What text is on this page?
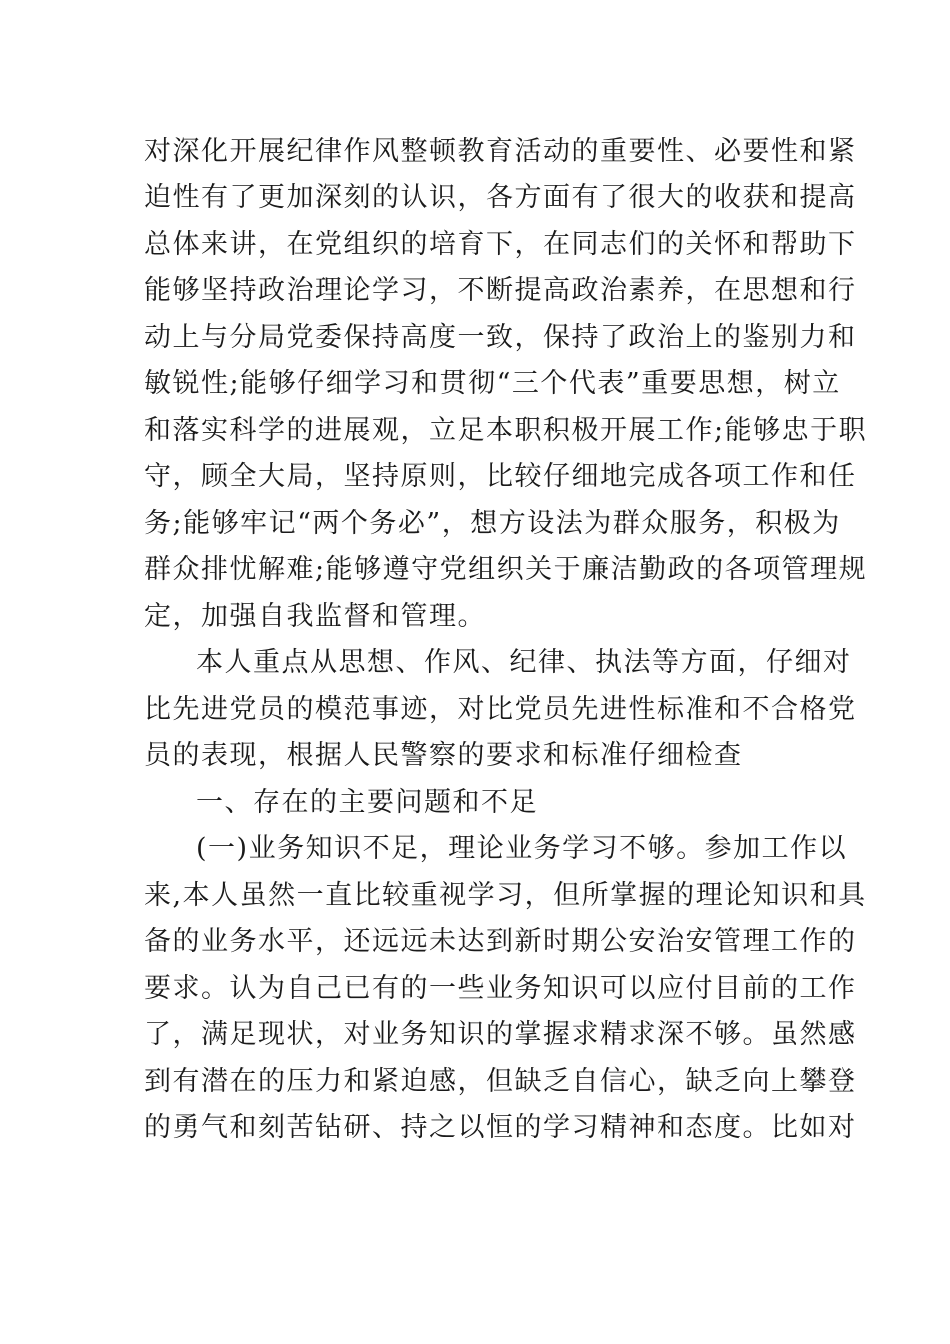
对深化开展纪律作风整顿教育活动的重要性、必要性和紧
迫性有了更加深刻的认识，各方面有了很大的收获和提高
总体来讲，在党组织的培育下，在同志们的关怀和帮助下
能够坚持政治理论学习，不断提高政治素养，在思想和行
动上与分局党委保持高度一致，保持了政治上的鉴别力和
敏锐性;能够仔细学习和贯彻“三个代表”重要思想，树立
和落实科学的进展观，立足本职积极开展工作;能够忠于职
守，顾全大局，坚持原则，比较仔细地完成各项工作和任
务;能够牢记“两个务必”，想方设法为群众服务，积极为
群众排忧解难;能够遵守党组织关于廉洁勤政的各项管理规
定，加强自我监督和管理。
本人重点从思想、作风、纪律、执法等方面，仔细对
比先进党员的模范事迹，对比党员先进性标准和不合格党
员的表现，根据人民警察的要求和标准仔细检查
一、存在的主要问题和不足
(一)业务知识不足，理论业务学习不够。参加工作以
来,本人虽然一直比较重视学习，但所掌握的理论知识和具
备的业务水平，还远远未达到新时期公安治安管理工作的
要求。认为自己已有的一些业务知识可以应付目前的工作
了，满足现状，对业务知识的掌握求精求深不够。虽然感
到有潜在的压力和紧迫感，但缺乏自信心，缺乏向上攀登
的勇气和刻苦钻研、持之以恒的学习精神和态度。比如对
